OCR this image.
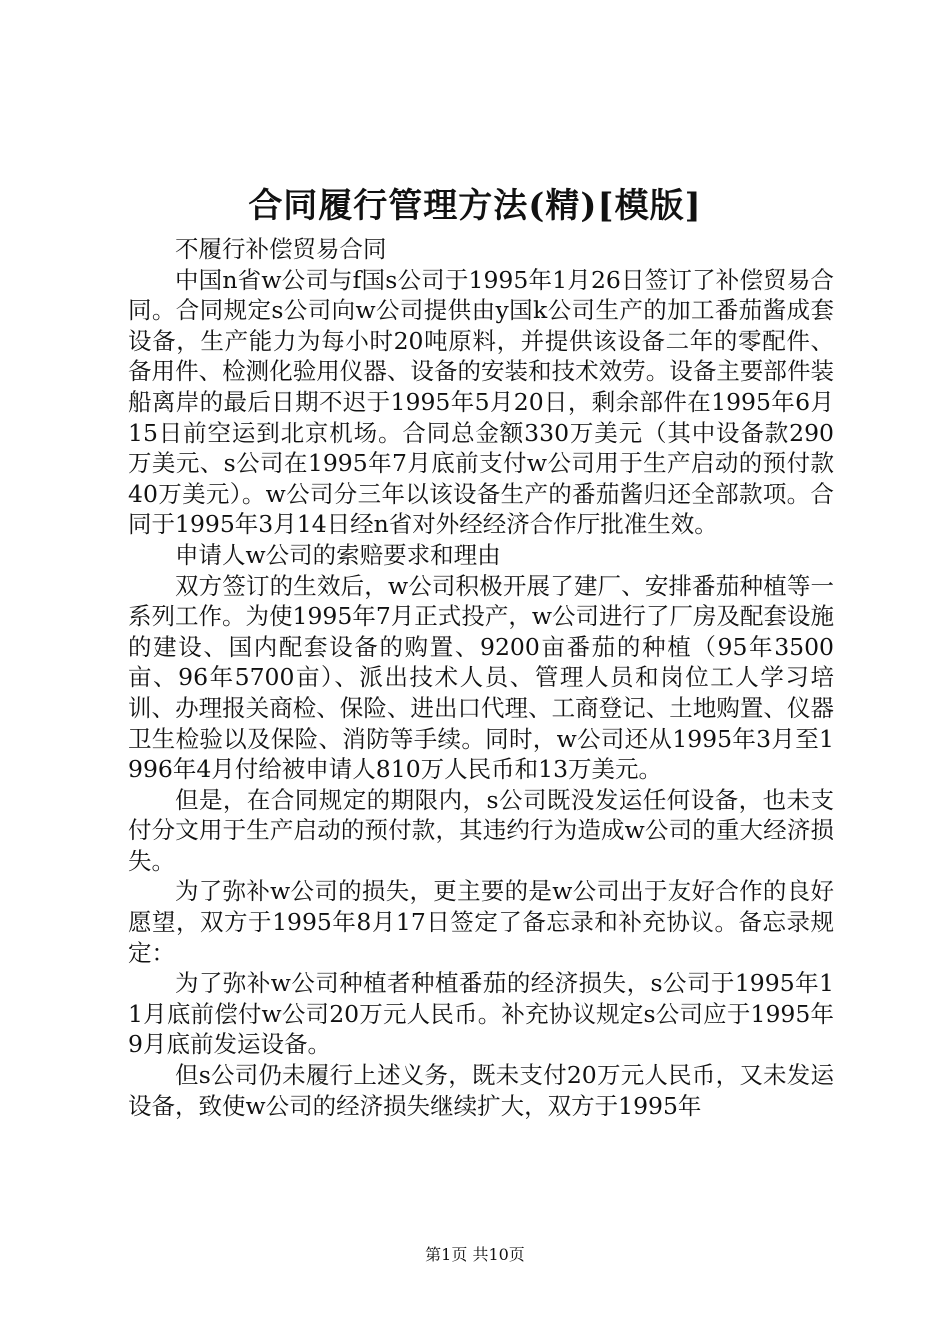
合同履行管理方法(精)[模版]

不履行补偿贸易合同

中国n省w公司与f国s公司于1995年1月26日签订了补偿贸易合同。合同规定s公司向w公司提供由y国k公司生产的加工番茄酱成套设备，生产能力为每小时20吨原料，并提供该设备二年的零配件、备用件、检测化验用仪器、设备的安装和技术效劳。设备主要部件装船离岸的最后日期不迟于1995年5月20日，剩余部件在1995年6月15日前空运到北京机场。合同总金额330万美元（其中设备款290万美元、s公司在1995年7月底前支付w公司用于生产启动的预付款40万美元）。w公司分三年以该设备生产的番茄酱归还全部款项。合同于1995年3月14日经n省对外经经济合作厅批准生效。

申请人w公司的索赔要求和理由

双方签订的生效后，w公司积极开展了建厂、安排番茄种植等一系列工作。为使1995年7月正式投产，w公司进行了厂房及配套设施的建设、国内配套设备的购置、9200亩番茄的种植（95年3500亩、96年5700亩）、派出技术人员、管理人员和岗位工人学习培训、办理报关商检、保险、进出口代理、工商登记、土地购置、仪器卫生检验以及保险、消防等手续。同时，w公司还从1995年3月至1996年4月付给被申请人810万人民币和13万美元。

但是，在合同规定的期限内，s公司既没发运任何设备，也未支付分文用于生产启动的预付款，其违约行为造成w公司的重大经济损失。

为了弥补w公司的损失，更主要的是w公司出于友好合作的良好愿望，双方于1995年8月17日签定了备忘录和补充协议。备忘录规定：

为了弥补w公司种植者种植番茄的经济损失，s公司于1995年11月底前偿付w公司20万元人民币。补充协议规定s公司应于1995年9月底前发运设备。

但s公司仍未履行上述义务，既未支付20万元人民币，又未发运设备，致使w公司的经济损失继续扩大，双方于1995年

第1页 共10页
